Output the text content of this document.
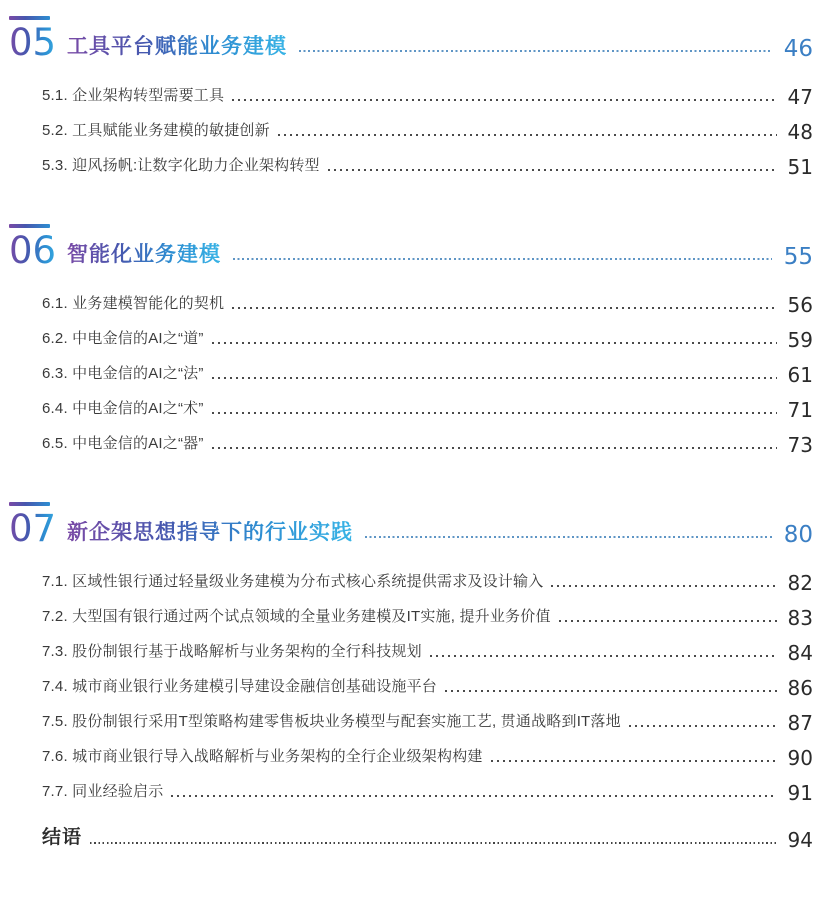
05 工具平台赋能业务建模	46
5.1. 企业架构转型需要工具	47
5.2. 工具赋能业务建模的敏捷创新	48
5.3. 迎风扬帆:让数字化助力企业架构转型	51
06 智能化业务建模	55
6.1. 业务建模智能化的契机	56
6.2. 中电金信的AI之“道”	59
6.3. 中电金信的AI之“法”	61
6.4. 中电金信的AI之“术”	71
6.5. 中电金信的AI之“器”	73
07 新企架思想指导下的行业实践	80
7.1. 区域性银行通过轻量级业务建模为分布式核心系统提供需求及设计输入	82
7.2. 大型国有银行通过两个试点领域的全量业务建模及IT实施, 提升业务价值	83
7.3. 股份制银行基于战略解析与业务架构的全行科技规划	84
7.4. 城市商业银行业务建模引导建设金融信创基础设施平台	86
7.5. 股份制银行采用T型策略构建零售板块业务模型与配套实施工艺, 贯通战略到IT落地	87
7.6. 城市商业银行导入战略解析与业务架构的全行企业级架构构建	90
7.7. 同业经验启示	91
结语	94
